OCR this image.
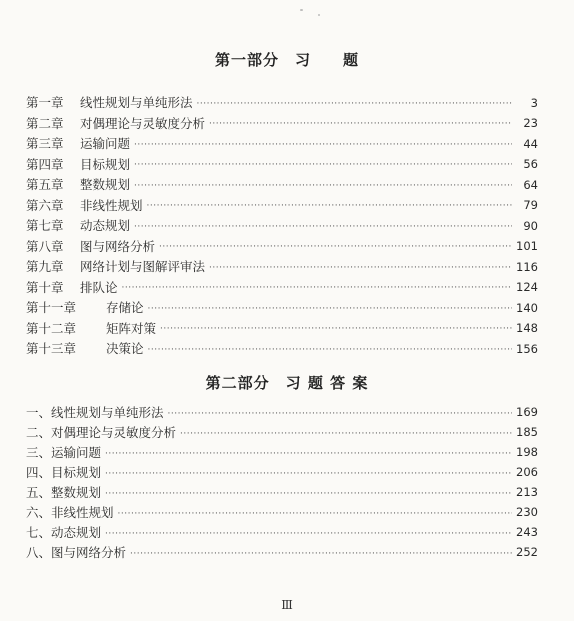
第一部分　习　　题
第一章	线性规划与单纯形法 ·····	3
第二章	对偶理论与灵敏度分析 ·····	23
第三章	运输问题 ·····	44
第四章	目标规划 ·····	56
第五章	整数规划 ·····	64
第六章	非线性规划 ·····	79
第七章	动态规划 ·····	90
第八章	图与网络分析 ·····	101
第九章	网络计划与图解评审法 ·····	116
第十章	排队论 ·····	124
第十一章	存储论 ·····	140
第十二章	矩阵对策 ·····	148
第十三章	决策论 ·····	156
第二部分　习 题 答 案
一、线性规划与单纯形法 ·····	169
二、对偶理论与灵敏度分析 ·····	185
三、运输问题 ·····	198
四、目标规划 ·····	206
五、整数规划 ·····	213
六、非线性规划 ·····	230
七、动态规划 ·····	243
八、图与网络分析 ·····	252
Ⅲ
